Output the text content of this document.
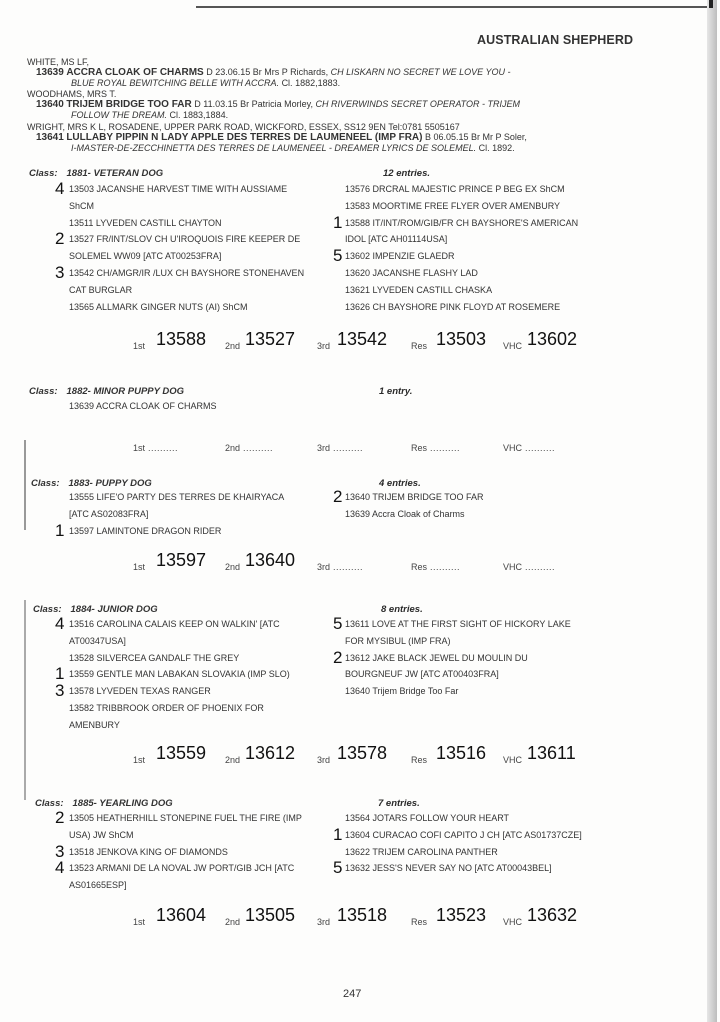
AUSTRALIAN SHEPHERD
WHITE, MS LF,
13639 ACCRA CLOAK OF CHARMS D 23.06.15 Br Mrs P Richards, CH LISKARN NO SECRET WE LOVE YOU -
BLUE ROYAL BEWITCHING BELLE WITH ACCRA. Cl. 1882,1883.
WOODHAMS, MRS T.
13640 TRIJEM BRIDGE TOO FAR D 11.03.15 Br Patricia Morley, CH RIVERWINDS SECRET OPERATOR - TRIJEM
FOLLOW THE DREAM. Cl. 1883,1884.
WRIGHT, MRS K L, ROSADENE, UPPER PARK ROAD, WICKFORD, ESSEX, SS12 9EN Tel:0781 5505167
13641 LULLABY PIPPIN N LADY APPLE DES TERRES DE LAUMENEEL (IMP FRA) B 06.05.15 Br Mr P Soler,
I-MASTER-DE-ZECCHINETTA DES TERRES DE LAUMENEEL - DREAMER LYRICS DE SOLEMEL. Cl. 1892.
Class: 1881- VETERAN DOG	12 entries.
4 13503 JACANSHE HARVEST TIME WITH AUSSIAME
ShCM
13511 LYVEDEN CASTILL CHAYTON
2 13527 FR/INT/SLOV CH U'IROQUOIS FIRE KEEPER DE
SOLEMEL WW09 [ATC AT00253FRA]
3 13542 CH/AMGR/IR /LUX CH BAYSHORE STONEHAVEN
CAT BURGLAR
13565 ALLMARK GINGER NUTS (AI) ShCM
13576 DRCRAL MAJESTIC PRINCE P BEG EX ShCM
13583 MOORTIME FREE FLYER OVER AMENBURY
1 13588 IT/INT/ROM/GIB/FR CH BAYSHORE'S AMERICAN
IDOL [ATC AH01114USA]
5 13602 IMPENZIE GLAEDR
13620 JACANSHE FLASHY LAD
13621 LYVEDEN CASTILL CHASKA
13626 CH BAYSHORE PINK FLOYD AT ROSEMERE
1st 13588 2nd 13527 3rd 13542	Res 13503 VHC 13602
Class: 1882- MINOR PUPPY DOG	1 entry.
13639 ACCRA CLOAK OF CHARMS
1st ..........	2nd ..........	3rd ..........	Res ..........	VHC ..........
Class: 1883- PUPPY DOG	4 entries.
13555 LIFE'O PARTY DES TERRES DE KHAIRYACA
[ATC AS02083FRA]
1 13597 LAMINTONE DRAGON RIDER
2 13640 TRIJEM BRIDGE TOO FAR
13639 Accra Cloak of Charms
1st 13597 2nd 13640 3rd ..........	Res ..........	VHC ..........
Class: 1884- JUNIOR DOG	8 entries.
4 13516 CAROLINA CALAIS KEEP ON WALKIN' [ATC
AT00347USA]
13528 SILVERCEA GANDALF THE GREY
1 13559 GENTLE MAN LABAKAN SLOVAKIA (IMP SLO)
3 13578 LYVEDEN TEXAS RANGER
13582 TRIBBROOK ORDER OF PHOENIX FOR
AMENBURY
5 13611 LOVE AT THE FIRST SIGHT OF HICKORY LAKE
FOR MYSIBUL (IMP FRA)
2 13612 JAKE BLACK JEWEL DU MOULIN DU
BOURGNEUF JW [ATC AT00403FRA]
13640 Trijem Bridge Too Far
1st 13559 2nd 13612 3rd 13578	Res 13516 VHC 13611
Class: 1885- YEARLING DOG	7 entries.
2 13505 HEATHERHILL STONEPINE FUEL THE FIRE (IMP
USA) JW ShCM
3 13518 JENKOVA KING OF DIAMONDS
4 13523 ARMANI DE LA NOVAL JW PORT/GIB JCH [ATC
AS01665ESP]
13564 JOTARS FOLLOW YOUR HEART
1 13604 CURACAO COFI CAPITO J CH [ATC AS01737CZE]
13622 TRIJEM CAROLINA PANTHER
5 13632 JESS'S NEVER SAY NO [ATC AT00043BEL]
1st 13604 2nd 13505 3rd 13518	Res 13523 VHC 13632
247
